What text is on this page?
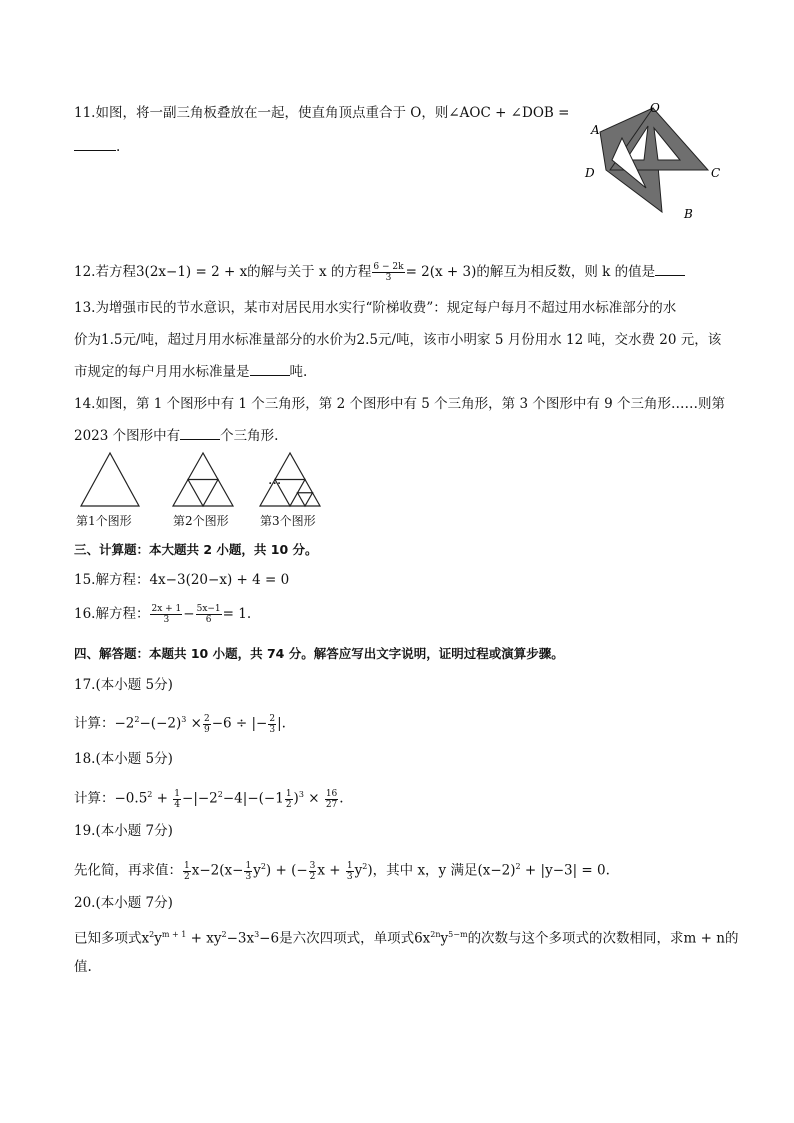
11.如图，将一副三角板叠放在一起，使直角顶点重合于 O，则∠AOC + ∠DOB =
.
O
A
D	C
B
12.若方程3(2x−1) = 2 + x的解与关于 x 的方程 $\frac{6 - 2k}{3} = 2(x + 3)$的解互为相反数，则 k 的值是
13.为增强市民的节水意识，某市对居民用水实行“阶梯收费”：规定每户每月不超过用水标准部分的水
价为1.5元/吨，超过月用水标准量部分的水价为2.5元/吨，该市小明家 5 月份用水 12 吨，交水费 20 元，该
市规定的每户月用水标准量是	吨.
14.如图，第 1 个图形中有 1 个三角形，第 2 个图形中有 5 个三角形，第 3 个图形中有 9 个三角形……则第
2023 个图形中有	个三角形.
···
第1个图形	第2个图形	第3个图形
三、计算题：本大题共 2 小题，共 10 分。
15.解方程：4x−3(20−x) + 4 = 0
16.解方程： $\frac{2x + 1}{3} - \frac{5x-1}{6} = 1$.
四、解答题：本题共 10 小题，共 74 分。解答应写出文字说明，证明过程或演算步骤。
17.(本小题 5分)
计算：$-2^2-(-2)^3 \times \frac{2}{9} -6$ ÷ |− $\frac{2}{3}$ |.
18.(本小题 5分)
计算：$-0.5^2 + \frac{1}{4} -|-2^2-4|-(-1 \frac{1}{2} )^3 \times \frac{16}{27}$ .
19.(本小题 7分)
先化简，再求值： $\frac{1}{2} x-2(x- \frac{1}{3} y^2)$ + (− $\frac{3}{2}$ $x + \frac{1}{3} y^2$)，其中 x，y 满足$(x-2)^2 + |y-3| = 0$.
20.(本小题 7分)
已知多项式$x^2y^{m + 1} + xy^2-3x^3-6$是六次四项式，单项式$6x^{2n}y^{5-m}$的次数与这个多项式的次数相同，求m + n的
值.
